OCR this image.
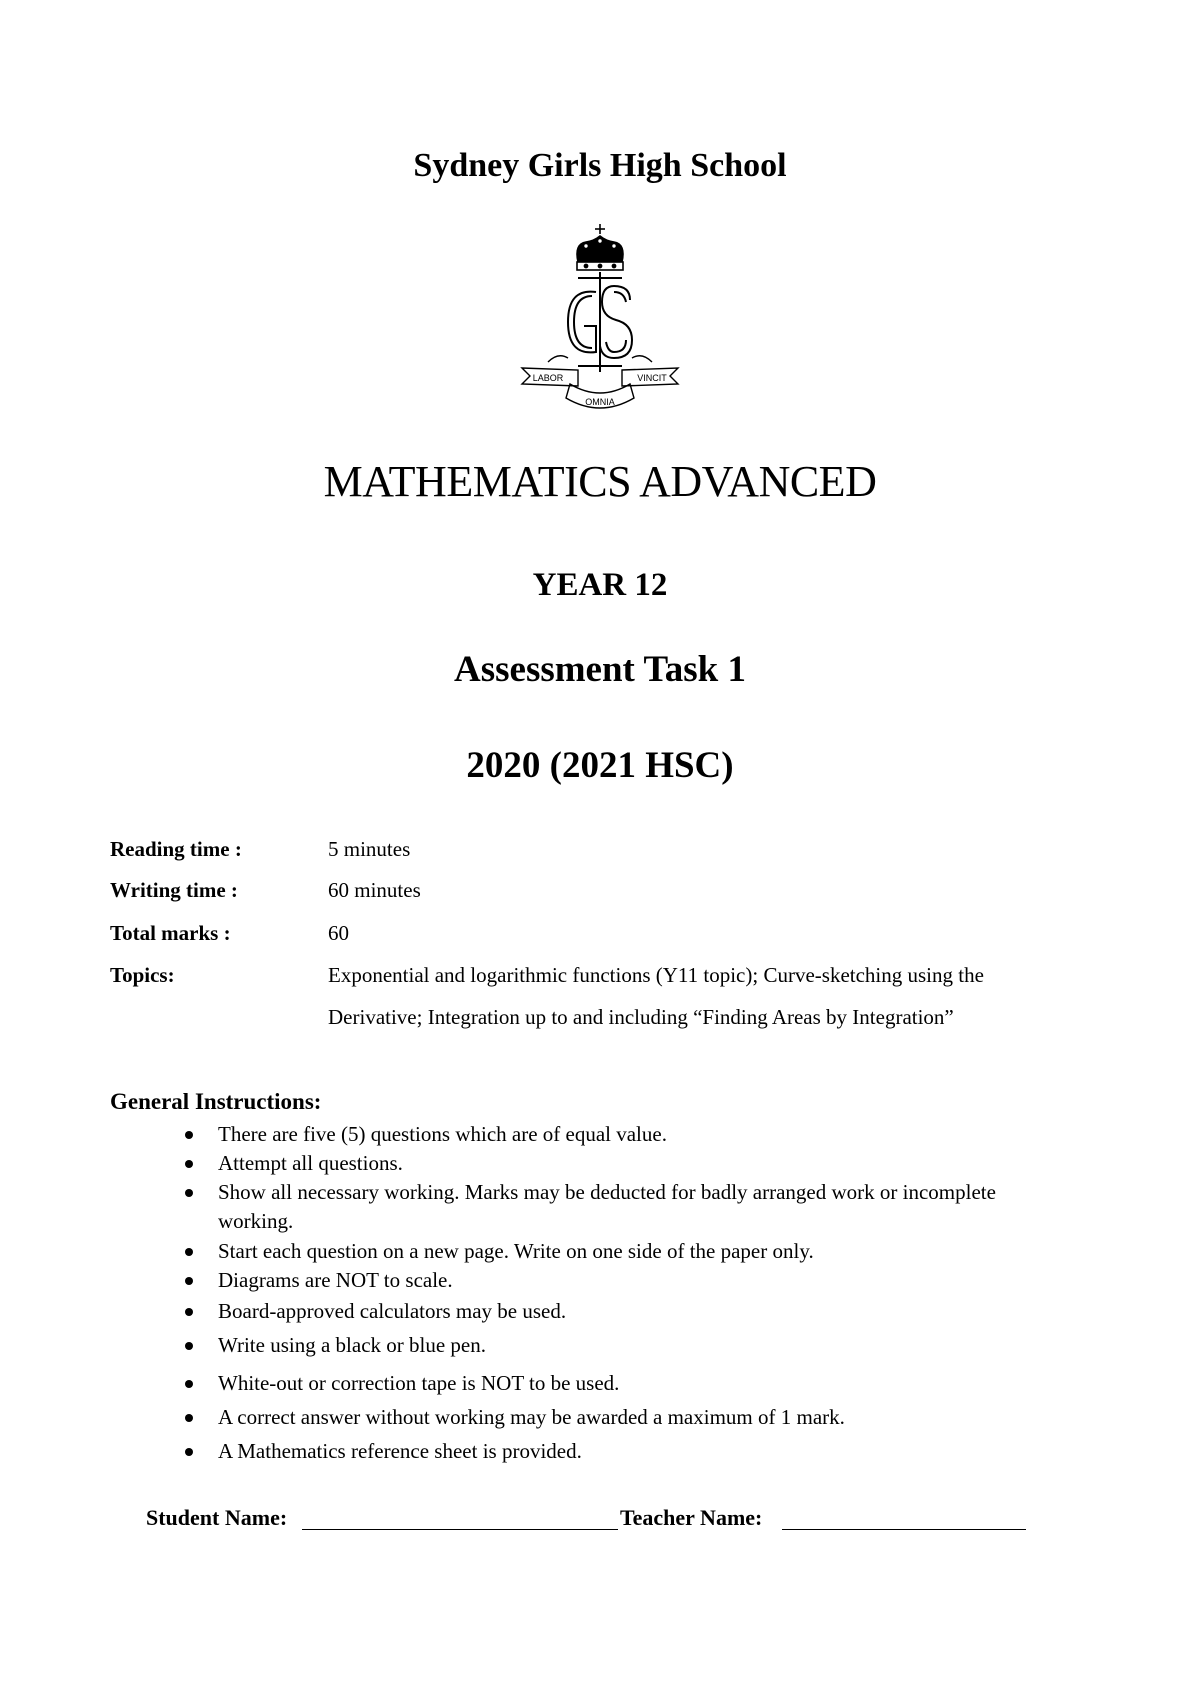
Sydney Girls High School
LABOR
OMNIA
VINCIT
MATHEMATICS ADVANCED
YEAR 12
Assessment Task 1
2020 (2021 HSC)
Reading time :	5 minutes
Writing time :	60 minutes
Total marks :	60
Topics:	Exponential and logarithmic functions (Y11 topic); Curve-sketching using the
Derivative; Integration up to and including “Finding Areas by Integration”
General Instructions:
There are five (5) questions which are of equal value.
Attempt all questions.
Show all necessary working. Marks may be deducted for badly arranged work or incomplete working.
Start each question on a new page. Write on one side of the paper only.
Diagrams are NOT to scale.
Board-approved calculators may be used.
Write using a black or blue pen.
White-out or correction tape is NOT to be used.
A correct answer without working may be awarded a maximum of 1 mark.
A Mathematics reference sheet is provided.
Student Name:	Teacher Name:
